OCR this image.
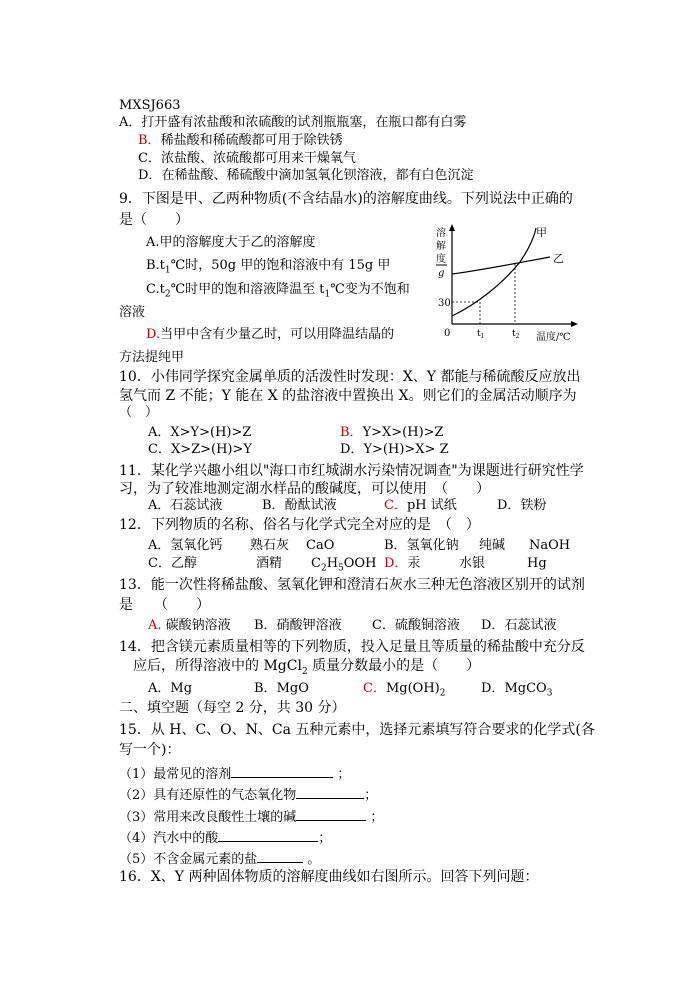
MXSJ663
A．打开盛有浓盐酸和浓硫酸的试剂瓶瓶塞，在瓶口都有白雾
B．稀盐酸和稀硫酸都可用于除铁锈
C．浓盐酸、浓硫酸都可用来干燥氧气
D．在稀盐酸、稀硫酸中滴加氢氧化钡溶液，都有白色沉淀
9．下图是甲、乙两种物质(不含结晶水)的溶解度曲线。下列说法中正确的
是（　　）
A.甲的溶解度大于乙的溶解度
$B.t_1℃$时，50g 甲的饱和溶液中有 15g 甲
$C.t_2℃$时甲的饱和溶液降温至 $t_1℃$变为不饱和
溶液
D.当甲中含有少量乙时，可以用降温结晶的
方法提纯甲
溶
解
度
g
甲
乙
30
0	$t_1$	$t_2$ 温度/℃
10．小伟同学探究金属单质的活泼性时发现：X、Y 都能与稀硫酸反应放出
氢气而 Z 不能；Y 能在 X 的盐溶液中置换出 X。则它们的金属活动顺序为
（　）
A．X>Y>(H)>Z	B．Y>X>(H)>Z
C．X>Z>(H)>Y	D．Y>(H)>X> Z
11．某化学兴趣小组以"海口市红城湖水污染情况调查"为课题进行研究性学
习，为了较准地测定湖水样品的酸碱度，可以使用　（　　）
A．石蕊试液	B．酚酞试液	C．pH 试纸	D．铁粉
12．下列物质的名称、俗名与化学式完全对应的是　（　）
A．氢氧化钙 熟石灰 CaO	B．氢氧化钠 纯碱 NaOH
C．乙醇	酒精 $C_2H_5OOH$ D．汞	水银	Hg
13．能一次性将稀盐酸、氢氧化钾和澄清石灰水三种无色溶液区别开的试剂
是　　（　　）
A. 碳酸钠溶液 B．硝酸钾溶液 C．硫酸铜溶液 D．石蕊试液
14．把含镁元素质量相等的下列物质，投入足量且等质量的稀盐酸中充分反
应后，所得溶液中的 MgCl$_2$ 质量分数最小的是（　　）
A．Mg	B．MgO	C．$Mg(OH)_2$	D．MgCO$_3$
二、填空题（每空 2 分，共 30 分）
15．从 H、C、O、N、Ca 五种元素中，选择元素填写符合要求的化学式(各
写一个)：
（1）最常见的溶剂	；
（2）具有还原性的气态氧化物	；
（3）常用来改良酸性土壤的碱	；
（4）汽水中的酸	；
（5）不含金属元素的盐	。
16．X、Y 两种固体物质的溶解度曲线如右图所示。回答下列问题：
